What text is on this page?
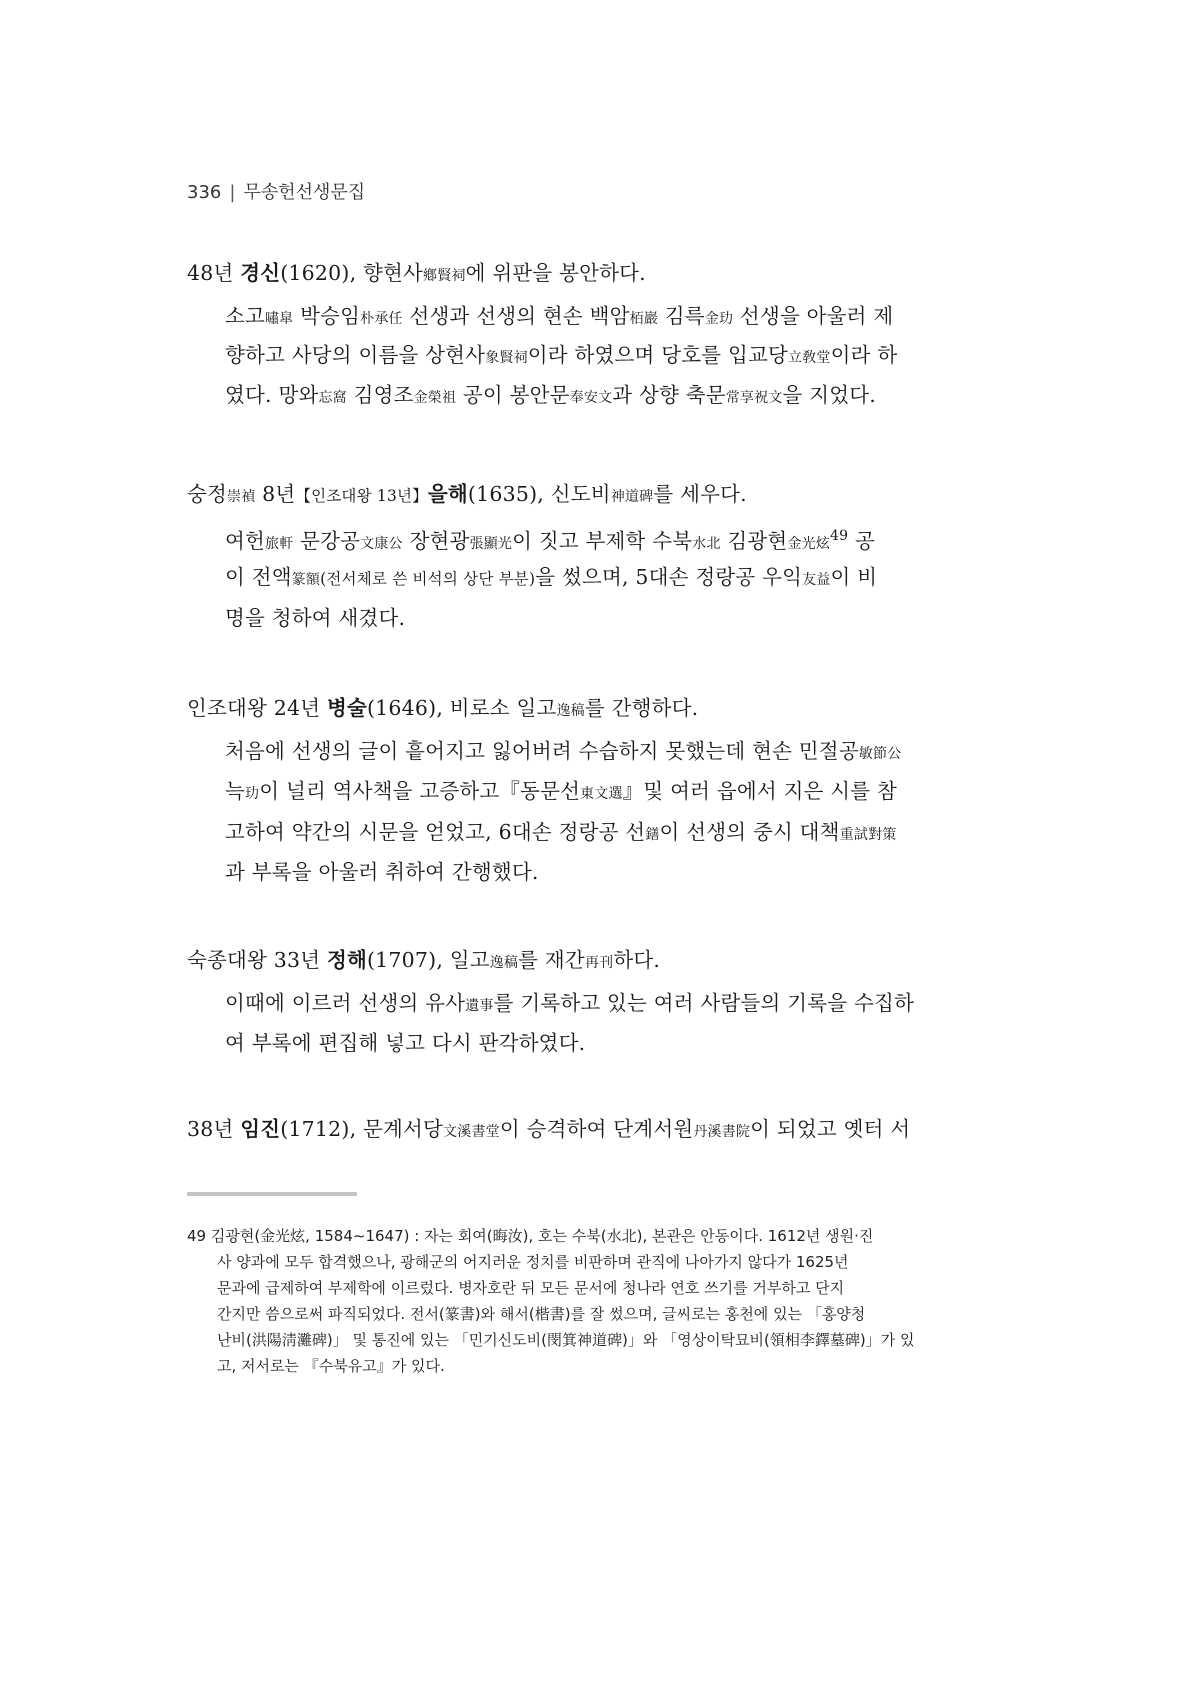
336 | 무송헌선생문집
48년 경신(1620), 향현사鄕賢祠에 위판을 봉안하다.
소고嘯皐 박승임朴承任 선생과 선생의 현손 백암栢巖 김륵金玏 선생을 아울러 제
향하고 사당의 이름을 상현사象賢祠이라 하였으며 당호를 입교당立敎堂이라 하
였다. 망와忘窩 김영조金榮祖 공이 봉안문奉安文과 상향 축문常享祝文을 지었다.
숭정崇禎 8년【인조대왕 13년】을해(1635), 신도비神道碑를 세우다.
여헌旅軒 문강공文康公 장현광張顯光이 짓고 부제학 수북水北 김광현金光炫$^{49}$ 공
이 전액篆額(전서체로 쓴 비석의 상단 부분)을 썼으며, 5대손 정랑공 우익友益이 비
명을 청하여 새겼다.
인조대왕 24년 병술(1646), 비로소 일고逸稿를 간행하다.
처음에 선생의 글이 흩어지고 잃어버려 수습하지 못했는데 현손 민절공敏節公
늑玏이 널리 역사책을 고증하고『동문선東文選』및 여러 읍에서 지은 시를 참
고하여 약간의 시문을 얻었고, 6대손 정랑공 선鐥이 선생의 중시 대책重試對策
과 부록을 아울러 취하여 간행했다.
숙종대왕 33년 정해(1707), 일고逸稿를 재간再刊하다.
이때에 이르러 선생의 유사遺事를 기록하고 있는 여러 사람들의 기록을 수집하
여 부록에 편집해 넣고 다시 판각하였다.
38년 임진(1712), 문계서당文溪書堂이 승격하여 단계서원丹溪書院이 되었고 옛터 서
49 김광현(金光炫, 1584∼1647) : 자는 회여(晦汝), 호는 수북(水北), 본관은 안동이다. 1612년 생원·진
사 양과에 모두 합격했으나, 광해군의 어지러운 정치를 비판하며 관직에 나아가지 않다가 1625년
문과에 급제하여 부제학에 이르렀다. 병자호란 뒤 모든 문서에 청나라 연호 쓰기를 거부하고 단지
간지만 씀으로써 파직되었다. 전서(篆書)와 해서(楷書)를 잘 썼으며, 글씨로는 홍천에 있는 「홍양청
난비(洪陽淸灘碑)」 및 통진에 있는 「민기신도비(閔箕神道碑)」와 「영상이탁묘비(領相李鐸墓碑)」가 있
고, 저서로는 『수북유고』가 있다.
